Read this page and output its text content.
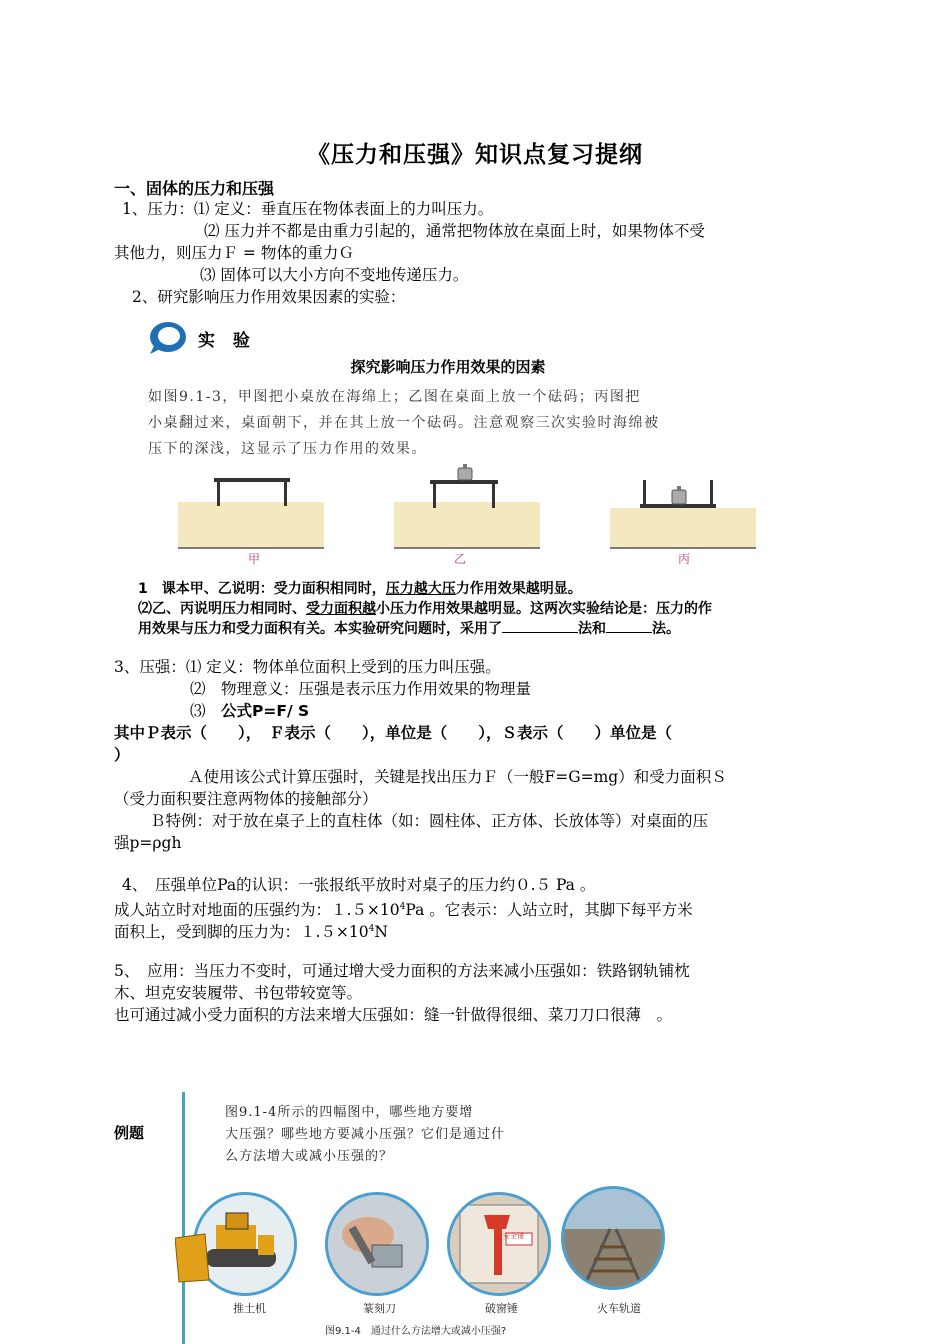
《压力和压强》知识点复习提纲
一、固体的压力和压强
1、压力：⑴ 定义：垂直压在物体表面上的力叫压力。
⑵ 压力并不都是由重力引起的，通常把物体放在桌面上时，如果物体不受
其他力，则压力Ｆ = 物体的重力Ｇ
⑶ 固体可以大小方向不变地传递压力。
2、研究影响压力作用效果因素的实验：
实 验
探究影响压力作用效果的因素
如图9.1-3，甲图把小桌放在海绵上；乙图在桌面上放一个砝码；丙图把
小桌翻过来，桌面朝下，并在其上放一个砝码。注意观察三次实验时海绵被
压下的深浅，这显示了压力作用的效果。
甲	乙	丙
1　课本甲、乙说明：受力面积相同时，压力越大压力作用效果越明显。
⑵乙、丙说明压力相同时、受力面积越小压力作用效果越明显。这两次实验结论是：压力的作
用效果与压力和受力面积有关。本实验研究问题时，采用了	法和	法。
3、压强：⑴ 定义：物体单位面积上受到的压力叫压强。
⑵　物理意义：压强是表示压力作用效果的物理量
⑶　公式P=F/ S
其中Ｐ表示（　　），　Ｆ表示（　　），单位是（　　），Ｓ表示（　　）单位是（
）
Ａ使用该公式计算压强时，关键是找出压力Ｆ（一般F=G=mg）和受力面积Ｓ
（受力面积要注意两物体的接触部分）
Ｂ特例：对于放在桌子上的直柱体（如：圆柱体、正方体、长放体等）对桌面的压
强p=ρgh
4、　压强单位Pa的认识：一张报纸平放时对桌子的压力约０.５ Pa 。
成人站立时对地面的压强约为：$1.5\times 10^4Pa$ 。它表示：人站立时，其脚下每平方米
面积上，受到脚的压力为：$1.5\times 10^4N$
5、　应用：当压力不变时，可通过增大受力面积的方法来减小压强如：铁路钢轨铺枕
木、坦克安装履带、书包带较宽等。
也可通过减小受力面积的方法来增大压强如：缝一针做得很细、菜刀刀口很薄　。
例题
图9.1-4所示的四幅图中，哪些地方要增
大压强？哪些地方要减小压强？它们是通过什
么方法增大或减小压强的？
推土机	篆刻刀
安全锤
破窗锤	火车轨道
图9.1-4　通过什么方法增大或减小压强?
